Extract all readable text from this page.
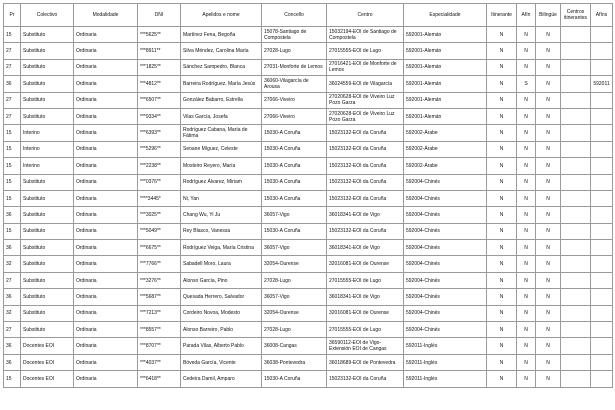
Pr	Colectivo	Modalidade	DNI	Apelidos e nome	Concello	Centro	Especialidade	Itinerante	Afín	Bilingüe	Centros itinerantes	Afíns
15	Substituto	Ordinaria	***5625**	Martínez Fena, Begoña	15078-Santiago de Compostela	15032194-EOI de Santiago de Compostela	592001-Alemán	N	N	N		
27	Substituto	Ordinaria	***8911**	Silva Méndez, Carolina María	27028-Lugo	27015555-EOI de Lugo	592001-Alemán	N	N	N		
27	Substituto	Ordinaria	***1825**	Sánchez Sampedro, Blanca	27031-Monforte de Lemos	27016421-EOI de Monforte de Lemos	592001-Alemán	N	N	N		
36	Substituto	Ordinaria	***4812**	Barreira Rodríguez, María Jesús	36060-Vilagarcía de Arousa	36024559-EOI de Vilagarcía	592001-Alemán	N	S	N		592011
27	Substituto	Ordinaria	***6507**	González Babarro, Estrella	27066-Viveiro	27020628-EOI de Viveiro Luz Pozo Garza	592001-Alemán	N	N	N		
27	Substituto	Ordinaria	***9334**	Vilas García, Josefa	27066-Viveiro	27020628-EOI de Viveiro Luz Pozo Garza	592001-Alemán	N	N	N		
15	Interino	Ordinaria	***6393**	Rodríguez Cabana, María de Fátima	15030-A Coruña	15023132-EOI da Coruña	592002-Árabe	N	N	N		
15	Interino	Ordinaria	***5296**	Seoane Míguez, Celeste	15030-A Coruña	15023132-EOI da Coruña	592002-Árabe	N	N	N		
15	Interino	Ordinaria	***2238**	Mosteiro Reyero, María	15030-A Coruña	15023132-EOI da Coruña	592002-Árabe	N	N	N		
15	Substituto	Ordinaria	***0376**	Rodríguez Álvarez, Miriam	15030-A Coruña	15023132-EOI da Coruña	592004-Chinés	N	N	N		
15	Substituto	Ordinaria	****3445*	Ni, Yan	15030-A Coruña	15023132-EOI da Coruña	592004-Chinés	N	N	N		
36	Substituto	Ordinaria	***3025**	Chang Wu, Yi Ju	36057-Vigo	36018341-EOI de Vigo	592004-Chinés	N	N	N		
15	Substituto	Ordinaria	***5049**	Rey Blasco, Vanessa	15030-A Coruña	15023132-EOI da Coruña	592004-Chinés	N	N	N		
36	Substituto	Ordinaria	***6675**	Rodríguez Veiga, María Cristina	36057-Vigo	36018341-EOI de Vigo	592004-Chinés	N	N	N		
32	Substituto	Ordinaria	***7766**	Sabadell Moro, Laura	32054-Ourense	32016081-EOI de Ourense	592004-Chinés	N	N	N		
27	Substituto	Ordinaria	***3276**	Alonso García, Pino	27028-Lugo	27015555-EOI de Lugo	592004-Chinés	N	N	N		
36	Substituto	Ordinaria	***5687**	Quesada Herrero, Salvador	36057-Vigo	36018341-EOI de Vigo	592004-Chinés	N	N	N		
32	Substituto	Ordinaria	***7213**	Cordeiro Novoa, Modesto	32054-Ourense	32016081-EOI de Ourense	592004-Chinés	N	N	N		
27	Substituto	Ordinaria	***8557**	Alonso Barreiro, Pablo	27028-Lugo	27015555-EOI de Lugo	592004-Chinés	N	N	N		
36	Docentes EOI	Ordinaria	***8707**	Parada Vilas, Alberto Pablo	36008-Cangas	36590112-EOI de Vigo-Extensión EOI de Cangas	592011-Inglés	N	N	N		
36	Docentes EOI	Ordinaria	***4037**	Bóveda García, Vicente	36038-Pontevedra	36018689-EOI de Pontevedra	592011-Inglés	N	N	N		
15	Docentes EOI	Ordinaria	***6418**	Cedeira Damil, Amparo	15030-A Coruña	15023132-EOI da Coruña	592011-Inglés	N	N	N		
